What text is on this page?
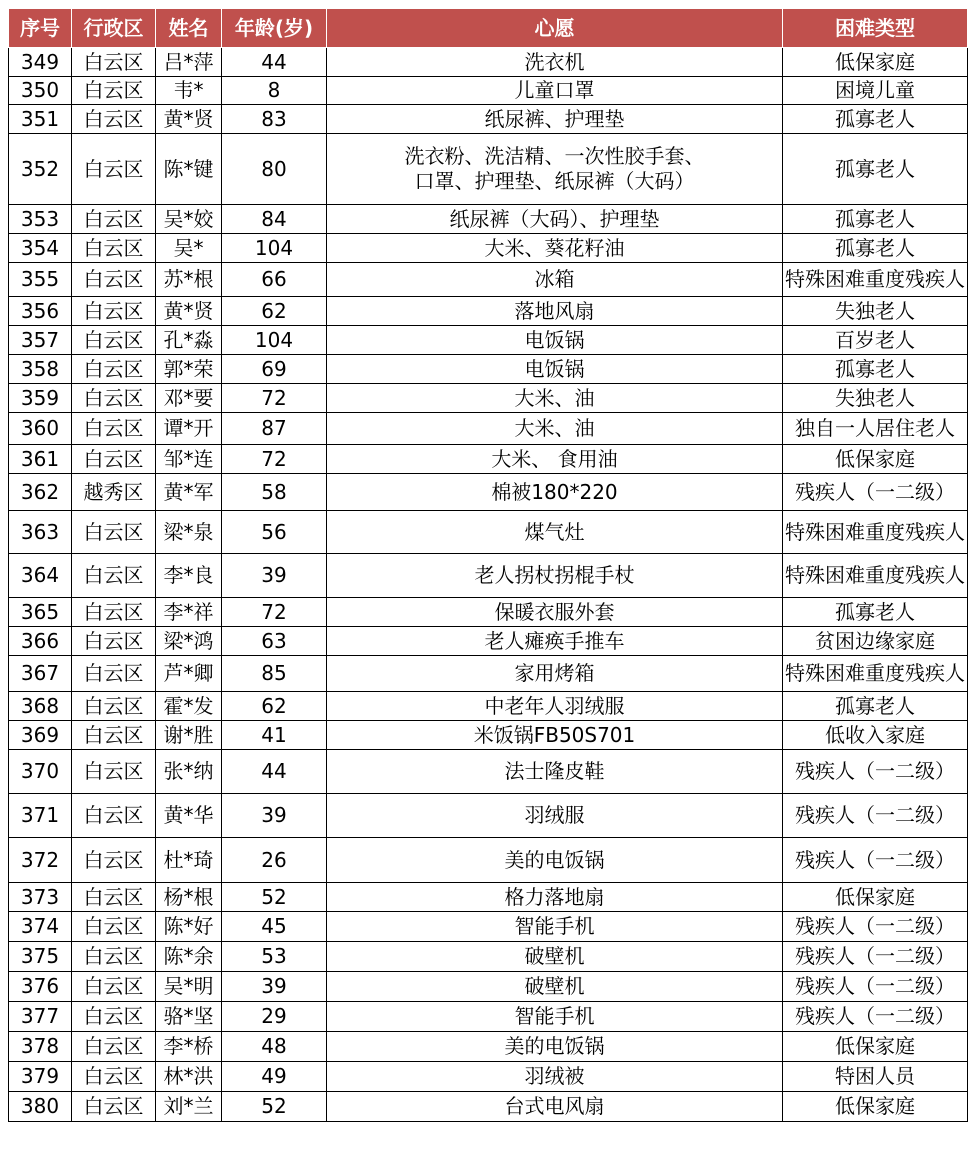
序号	行政区	姓名	年龄(岁)	心愿	困难类型
349	白云区	吕*萍	44	洗衣机	低保家庭
350	白云区	韦*	8	儿童口罩	困境儿童
351	白云区	黄*贤	83	纸尿裤、护理垫	孤寡老人
352	白云区	陈*键	80	洗衣粉、洗洁精、一次性胶手套、口罩、护理垫、纸尿裤（大码）	孤寡老人
353	白云区	吴*姣	84	纸尿裤（大码）、护理垫	孤寡老人
354	白云区	吴*	104	大米、葵花籽油	孤寡老人
355	白云区	苏*根	66	冰箱	特殊困难重度残疾人
356	白云区	黄*贤	62	落地风扇	失独老人
357	白云区	孔*淼	104	电饭锅	百岁老人
358	白云区	郭*荣	69	电饭锅	孤寡老人
359	白云区	邓*要	72	大米、油	失独老人
360	白云区	谭*开	87	大米、油	独自一人居住老人
361	白云区	邹*连	72	大米、 食用油	低保家庭
362	越秀区	黄*军	58	棉被180*220	残疾人（一二级）
363	白云区	梁*泉	56	煤气灶	特殊困难重度残疾人
364	白云区	李*良	39	老人拐杖拐棍手杖	特殊困难重度残疾人
365	白云区	李*祥	72	保暖衣服外套	孤寡老人
366	白云区	梁*鸿	63	老人瘫痪手推车	贫困边缘家庭
367	白云区	芦*卿	85	家用烤箱	特殊困难重度残疾人
368	白云区	霍*发	62	中老年人羽绒服	孤寡老人
369	白云区	谢*胜	41	米饭锅FB50S701	低收入家庭
370	白云区	张*纳	44	法士隆皮鞋	残疾人（一二级）
371	白云区	黄*华	39	羽绒服	残疾人（一二级）
372	白云区	杜*琦	26	美的电饭锅	残疾人（一二级）
373	白云区	杨*根	52	格力落地扇	低保家庭
374	白云区	陈*好	45	智能手机	残疾人（一二级）
375	白云区	陈*余	53	破壁机	残疾人（一二级）
376	白云区	吴*明	39	破壁机	残疾人（一二级）
377	白云区	骆*坚	29	智能手机	残疾人（一二级）
378	白云区	李*桥	48	美的电饭锅	低保家庭
379	白云区	林*洪	49	羽绒被	特困人员
380	白云区	刘*兰	52	台式电风扇	低保家庭
